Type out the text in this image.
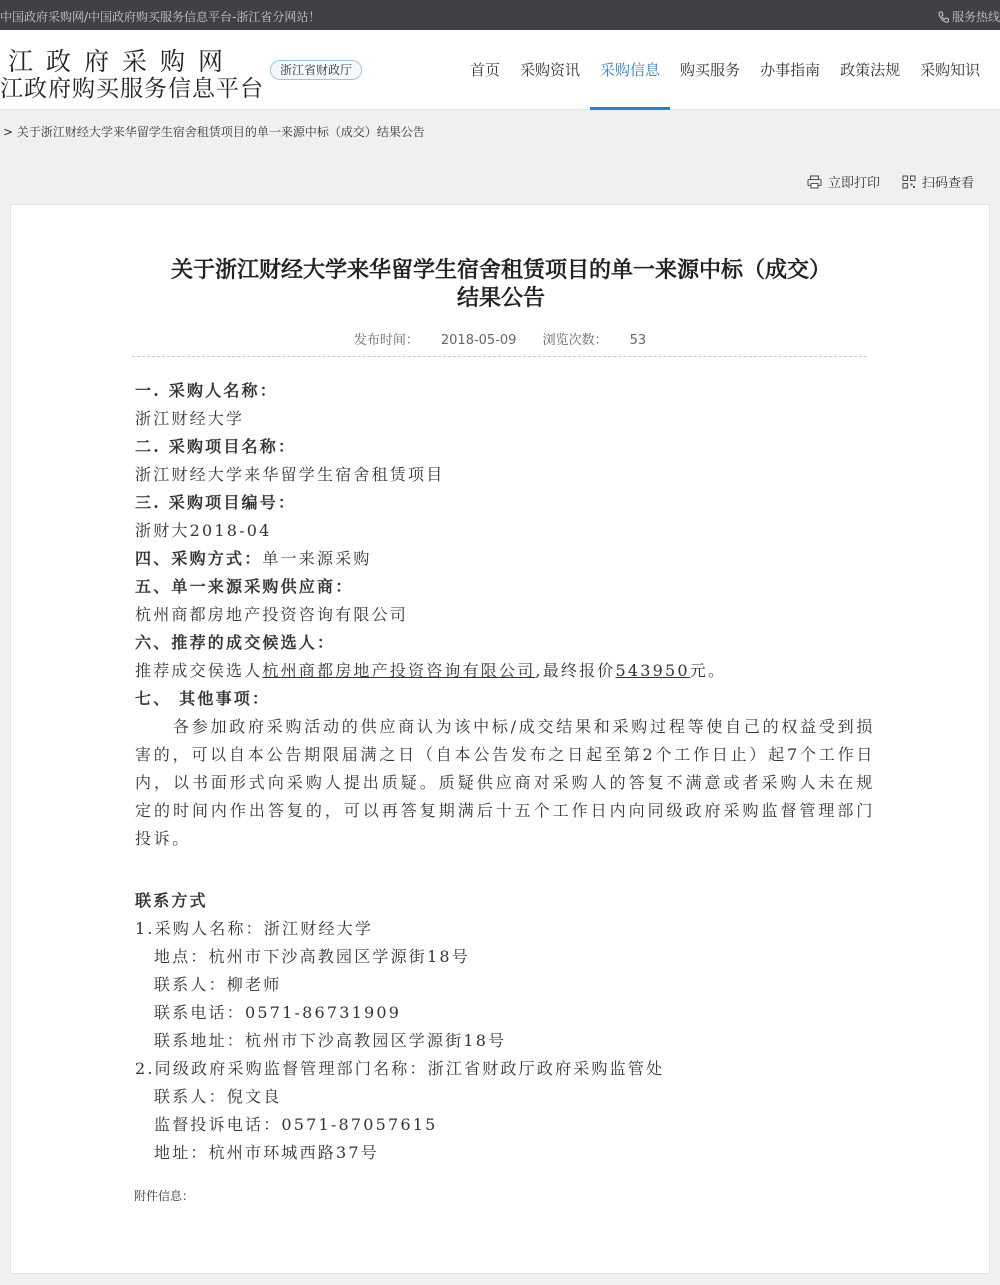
中国政府采购网/中国政府购买服务信息平台-浙江省分网站！	服务热线
江政府采购网
江政府购买服务信息平台
浙江省财政厅	首页	采购资讯	采购信息	购买服务	办事指南	政策法规	采购知识
> 关于浙江财经大学来华留学生宿舍租赁项目的单一来源中标（成交）结果公告
立即打印	扫码查看
关于浙江财经大学来华留学生宿舍租赁项目的单一来源中标（成交）
结果公告
发布时间： 2018-05-09 浏览次数： 53
一. 采购人名称：
浙江财经大学
二. 采购项目名称：
浙江财经大学来华留学生宿舍租赁项目
三. 采购项目编号：
浙财大2018-04
四、采购方式：单一来源采购
五、单一来源采购供应商：
杭州商都房地产投资咨询有限公司
六、推荐的成交候选人：
推荐成交侯选人杭州商都房地产投资咨询有限公司,最终报价543950元。
七、 其他事项：
各参加政府采购活动的供应商认为该中标/成交结果和采购过程等使自己的权益受到损害的，可以自本公告期限届满之日（自本公告发布之日起至第2个工作日止）起7个工作日内，以书面形式向采购人提出质疑。质疑供应商对采购人的答复不满意或者采购人未在规定的时间内作出答复的，可以再答复期满后十五个工作日内向同级政府采购监督管理部门投诉。
联系方式
1.采购人名称：浙江财经大学
地点：杭州市下沙高教园区学源街18号
联系人：柳老师
联系电话：0571-86731909
联系地址：杭州市下沙高教园区学源街18号
2.同级政府采购监督管理部门名称：浙江省财政厅政府采购监管处
联系人：倪文良
监督投诉电话：0571-87057615
地址：杭州市环城西路37号
附件信息：
